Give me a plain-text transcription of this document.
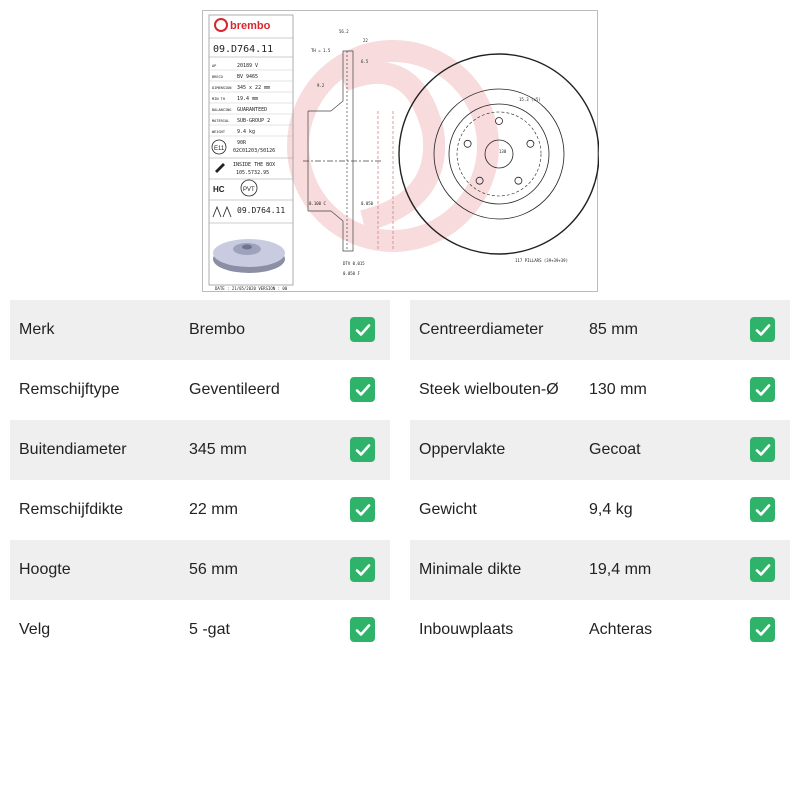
brembo
09.D764.11
AP	20189 V
BRECO	BV 9465
DIMENSION 345 x 22 mm
MIN TH 19.4 mm
BALANCING GUARANTEED
MATERIAL SUB-GROUP 2
WEIGHT 9.4 kg
E11
90R
02C01203/50126
INSIDE THE BOX
105.5732.95
HC	PVT
09.D764.11
DATE : 21/05/2020 VERSION : 00
56.2
22
TH = 1.5
6.5
9.2
15.3 (x5)
130
117 PILLARS (39+39+39)
DTV 0.015
0.050 F
0.100 C	0.050
Merk	Brembo
Remschijftype	Geventileerd
Buitendiameter	345 mm
Remschijfdikte	22 mm
Hoogte	56 mm
Velg	5 -gat
Centreerdiameter	85 mm
Steek wielbouten-Ø 130 mm
Oppervlakte	Gecoat
Gewicht	9,4 kg
Minimale dikte	19,4 mm
Inbouwplaats	Achteras
